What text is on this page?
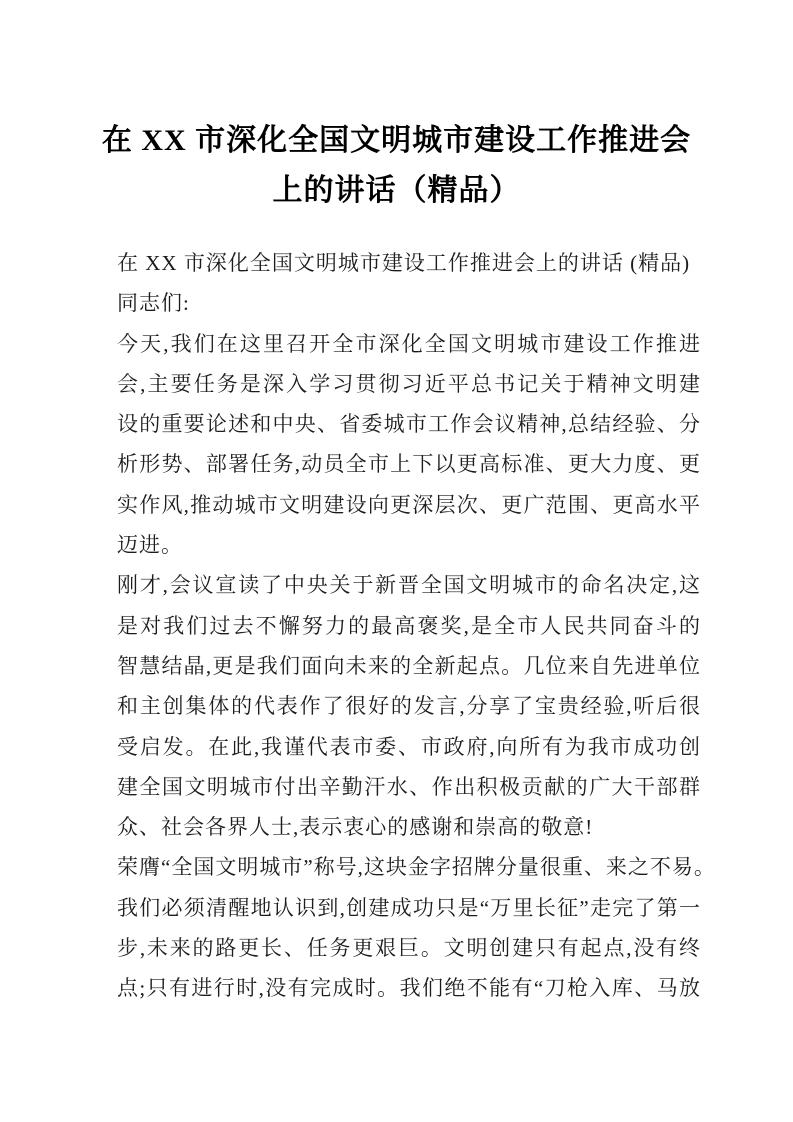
在 XX 市深化全国文明城市建设工作推进会
上的讲话（精品）
在 XX 市深化全国文明城市建设工作推进会上的讲话 (精品)
同志们:
今天,我们在这里召开全市深化全国文明城市建设工作推进
会,主要任务是深入学习贯彻习近平总书记关于精神文明建
设的重要论述和中央、省委城市工作会议精神,总结经验、分
析形势、部署任务,动员全市上下以更高标准、更大力度、更
实作风,推动城市文明建设向更深层次、更广范围、更高水平
迈进。
刚才,会议宣读了中央关于新晋全国文明城市的命名决定,这
是对我们过去不懈努力的最高褒奖,是全市人民共同奋斗的
智慧结晶,更是我们面向未来的全新起点。几位来自先进单位
和主创集体的代表作了很好的发言,分享了宝贵经验,听后很
受启发。在此,我谨代表市委、市政府,向所有为我市成功创
建全国文明城市付出辛勤汗水、作出积极贡献的广大干部群
众、社会各界人士,表示衷心的感谢和崇高的敬意!
荣膺“全国文明城市”称号,这块金字招牌分量很重、来之不易。
我们必须清醒地认识到,创建成功只是“万里长征”走完了第一
步,未来的路更长、任务更艰巨。文明创建只有起点,没有终
点;只有进行时,没有完成时。我们绝不能有“刀枪入库、马放
